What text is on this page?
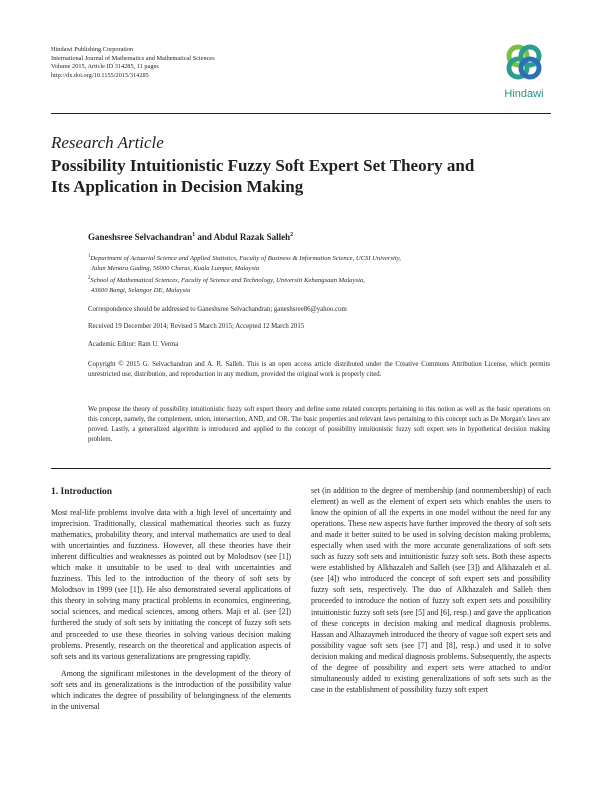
Hindawi Publishing Corporation
International Journal of Mathematics and Mathematical Sciences
Volume 2015, Article ID 314285, 11 pages
http://dx.doi.org/10.1155/2015/314285
Hindawi
Research Article
Possibility Intuitionistic Fuzzy Soft Expert Set Theory and
Its Application in Decision Making
Ganeshsree Selvachandran$^1$ and Abdul Razak Salleh$^2$
$^1$Department of Actuarial Science and Applied Statistics, Faculty of Business & Information Science, UCSI University,
Jalan Menara Gading, 56000 Cheras, Kuala Lumpur, Malaysia
$^2$School of Mathematical Sciences, Faculty of Science and Technology, Universiti Kebangsaan Malaysia,
43600 Bangi, Selangor DE, Malaysia
Correspondence should be addressed to Ganeshsree Selvachandran; ganeshsree86@yahoo.com
Received 19 December 2014; Revised 5 March 2015; Accepted 12 March 2015
Academic Editor: Ram U. Verma
Copyright © 2015 G. Selvachandran and A. R. Salleh. This is an open access article distributed under the Creative Commons Attribution License, which permits unrestricted use, distribution, and reproduction in any medium, provided the original work is properly cited.
We propose the theory of possibility intuitionistic fuzzy soft expert theory and define some related concepts pertaining to this notion as well as the basic operations on this concept, namely, the complement, union, intersection, AND, and OR. The basic properties and relevant laws pertaining to this concept such as De Morgan's laws are proved. Lastly, a generalized algorithm is introduced and applied to the concept of possibility intuitionistic fuzzy soft expert sets in hypothetical decision making problem.
1. Introduction

Most real-life problems involve data with a high level of uncertainty and imprecision. Traditionally, classical mathematical theories such as fuzzy mathematics, probability theory, and interval mathematics are used to deal with uncertainties and fuzziness. However, all these theories have their inherent difficulties and weaknesses as pointed out by Molodtsov (see [1]) which make it unsuitable to be used to deal with uncertainties and fuzziness. This led to the introduction of the theory of soft sets by Molodtsov in 1999 (see [1]). He also demonstrated several applications of this theory in solving many practical problems in economics, engineering, social sciences, and medical sciences, among others. Maji et al. (see [2]) furthered the study of soft sets by initiating the concept of fuzzy soft sets and proceeded to use these theories in solving various decision making problems. Presently, research on the theoretical and application aspects of soft sets and its various generalizations are progressing rapidly.

Among the significant milestones in the development of the theory of soft sets and its generalizations is the introduction of the possibility value which indicates the degree of possibility of belongingness of the elements in the universal

set (in addition to the degree of membership (and nonmembership) of each element) as well as the element of expert sets which enables the users to know the opinion of all the experts in one model without the need for any operations. These new aspects have further improved the theory of soft sets and made it better suited to be used in solving decision making problems, especially when used with the more accurate generalizations of soft sets such as fuzzy soft sets and intuitionistic fuzzy soft sets. Both these aspects were established by Alkhazaleh and Salleh (see [3]) and Alkhazaleh et al. (see [4]) who introduced the concept of soft expert sets and possibility fuzzy soft sets, respectively. The duo of Alkhazaleh and Salleh then proceeded to introduce the notion of fuzzy soft expert sets and possibility intuitionistic fuzzy soft sets (see [5] and [6], resp.) and gave the application of these concepts in decision making and medical diagnosis problems. Hassan and Alhazaymeh introduced the theory of vague soft expert sets and possibility vague soft sets (see [7] and [8], resp.) and used it to solve decision making and medical diagnosis problems. Subsequently, the aspects of the degree of possibility and expert sets were attached to and/or simultaneously added to existing generalizations of soft sets such as the case in the establishment of possibility fuzzy soft expert
